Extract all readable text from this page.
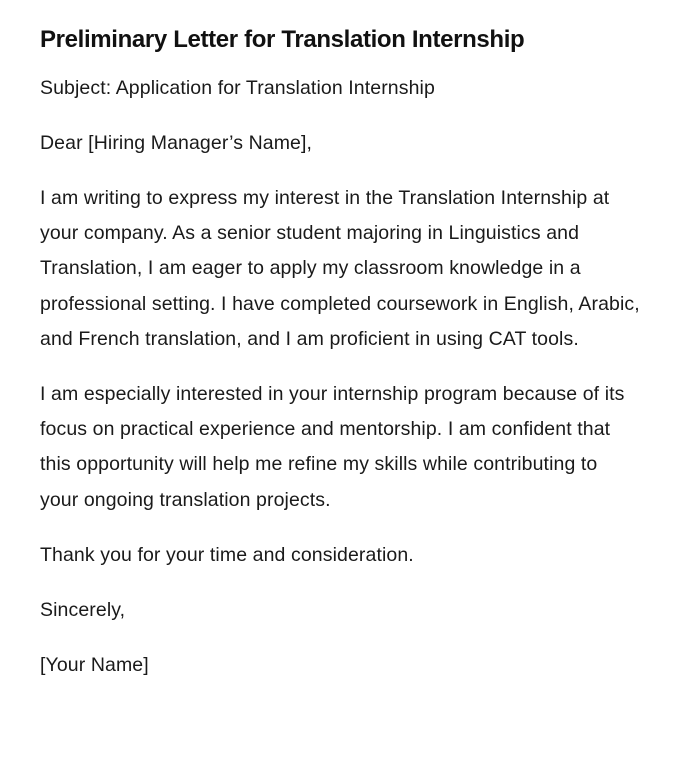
Preliminary Letter for Translation Internship

Subject: Application for Translation Internship

Dear [Hiring Manager’s Name],

I am writing to express my interest in the Translation Internship at your company. As a senior student majoring in Linguistics and Translation, I am eager to apply my classroom knowledge in a professional setting. I have completed coursework in English, Arabic, and French translation, and I am proficient in using CAT tools.

I am especially interested in your internship program because of its focus on practical experience and mentorship. I am confident that this opportunity will help me refine my skills while contributing to your ongoing translation projects.

Thank you for your time and consideration.

Sincerely,

[Your Name]
